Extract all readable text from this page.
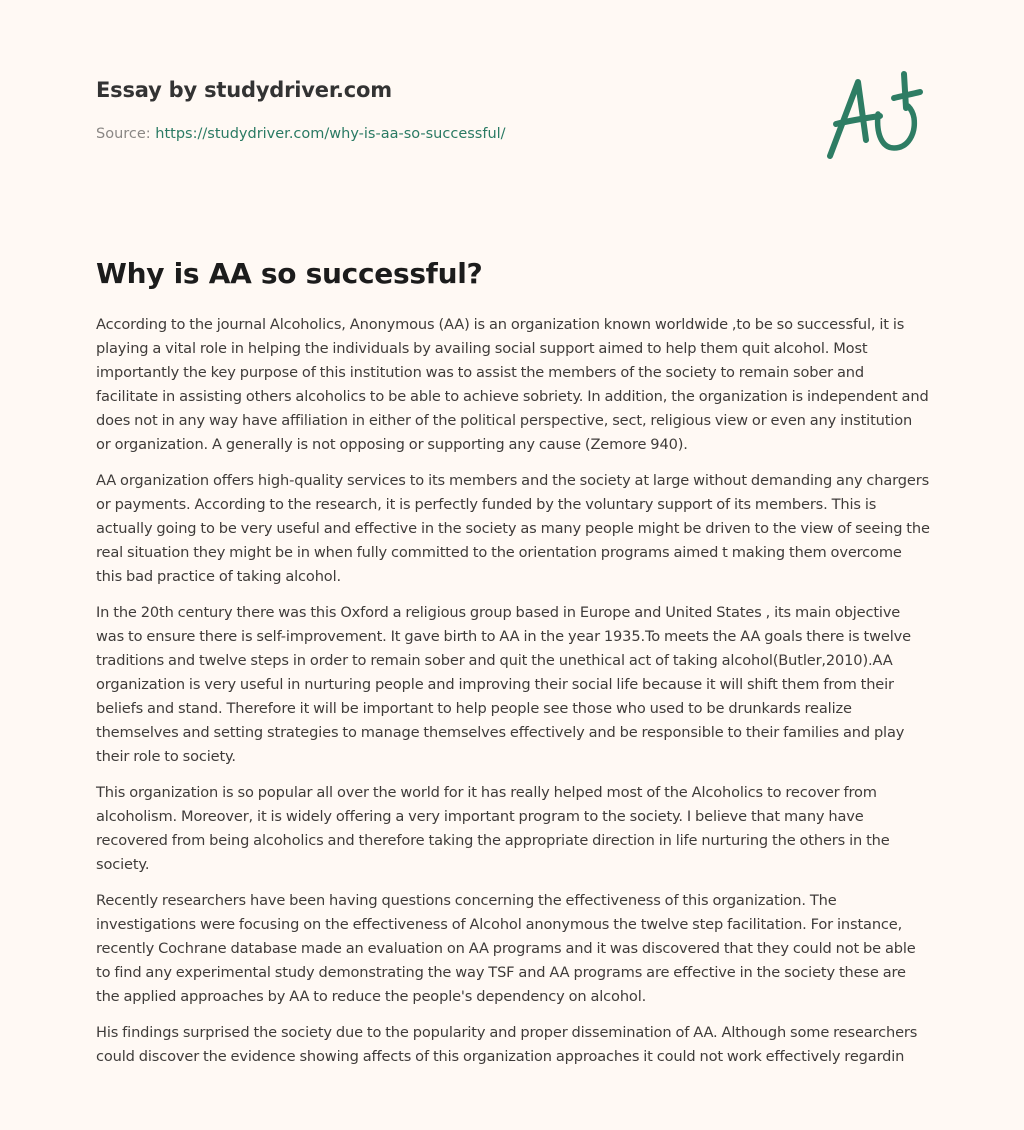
Essay by studydriver.com
Source: https://studydriver.com/why-is-aa-so-successful/
Why is AA so successful?

According to the journal Alcoholics, Anonymous (AA) is an organization known worldwide ,to be so successful, it is playing a vital role in helping the individuals by availing social support aimed to help them quit alcohol. Most importantly the key purpose of this institution was to assist the members of the society to remain sober and facilitate in assisting others alcoholics to be able to achieve sobriety. In addition, the organization is independent and does not in any way have affiliation in either of the political perspective, sect, religious view or even any institution or organization. A generally is not opposing or supporting any cause (Zemore 940).

AA organization offers high-quality services to its members and the society at large without demanding any chargers or payments. According to the research, it is perfectly funded by the voluntary support of its members. This is actually going to be very useful and effective in the society as many people might be driven to the view of seeing the real situation they might be in when fully committed to the orientation programs aimed t making them overcome this bad practice of taking alcohol.

In the 20th century there was this Oxford a religious group based in Europe and United States , its main objective was to ensure there is self-improvement. It gave birth to AA in the year 1935.To meets the AA goals there is twelve traditions and twelve steps in order to remain sober and quit the unethical act of taking alcohol(Butler,2010).AA organization is very useful in nurturing people and improving their social life because it will shift them from their beliefs and stand. Therefore it will be important to help people see those who used to be drunkards realize themselves and setting strategies to manage themselves effectively and be responsible to their families and play their role to society.

This organization is so popular all over the world for it has really helped most of the Alcoholics to recover from alcoholism. Moreover, it is widely offering a very important program to the society. I believe that many have recovered from being alcoholics and therefore taking the appropriate direction in life nurturing the others in the society.

Recently researchers have been having questions concerning the effectiveness of this organization. The investigations were focusing on the effectiveness of Alcohol anonymous the twelve step facilitation. For instance, recently Cochrane database made an evaluation on AA programs and it was discovered that they could not be able to find any experimental study demonstrating the way TSF and AA programs are effective in the society these are the applied approaches by AA to reduce the people's dependency on alcohol.

His findings surprised the society due to the popularity and proper dissemination of AA. Although some researchers could discover the evidence showing affects of this organization approaches it could not work effectively regardin
